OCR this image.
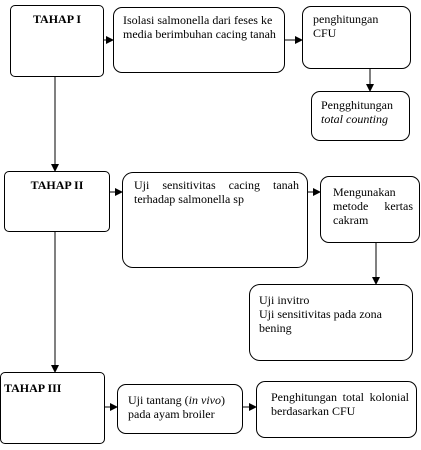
TAHAP I	Isolasi salmonella dari feses ke media berimbuhan cacing tanah
penghitungan CFU
Pengghitungan
total counting
TAHAP II	Uji sensitivitas cacing tanah terhadap salmonella sp	Mengunakan metode kertas cakram
Uji invitro
Uji sensitivitas pada zona bening
TAHAP III
Uji tantang (in vivo)
pada ayam broiler
Penghitungan total kolonial berdasarkan CFU
